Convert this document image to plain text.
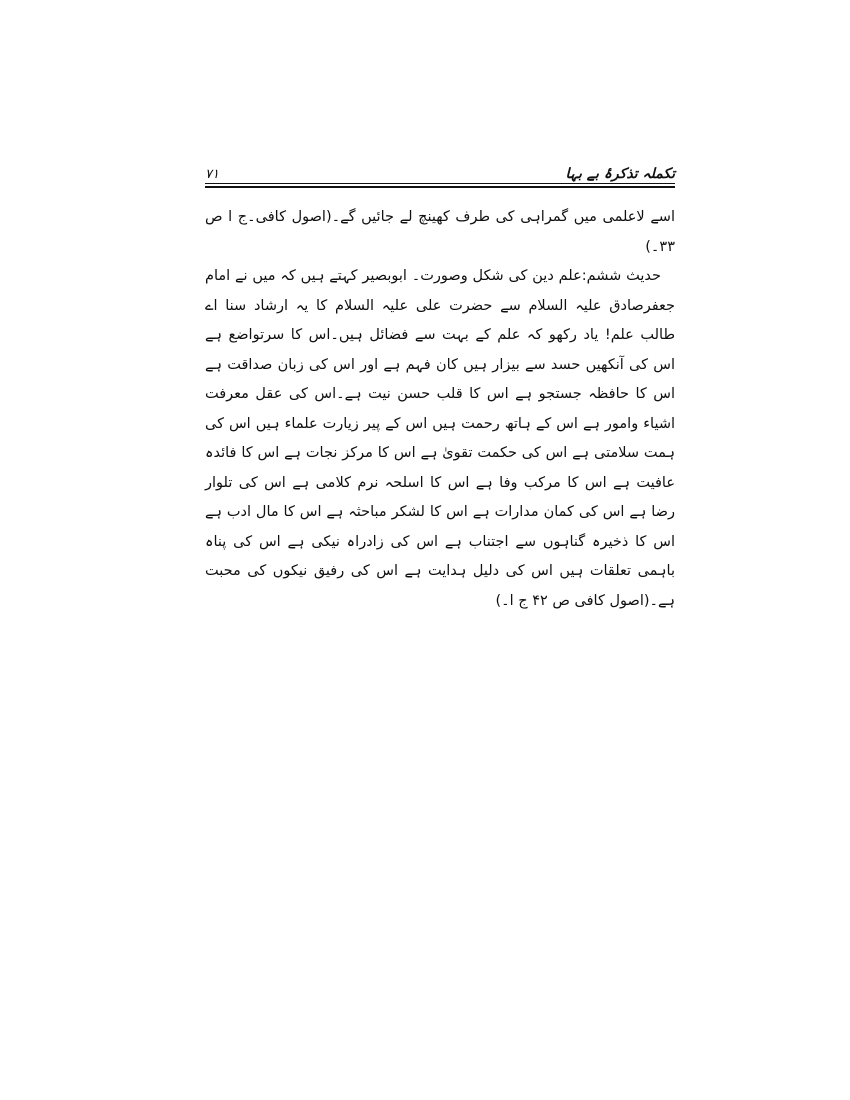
تکملہ تذکرۂ بے بہا
۷۱

اسے لاعلمی میں گمراہی کی طرف کھینچ لے جائیں گے۔(اصول کافی۔ج ا ص ۳۳۔)

حدیث ششم:علم دین کی شکل وصورت۔ ابوبصیر کہتے ہیں کہ میں نے امام جعفرصادق علیہ السلام سے حضرت علی علیہ السلام کا یہ ارشاد سنا اے طالب علم! یاد رکھو کہ علم کے بہت سے فضائل ہیں۔اس کا سرتواضع ہے اس کی آنکھیں حسد سے بیزار ہیں کان فہم ہے اور اس کی زبان صداقت ہے اس کا حافظہ جستجو ہے اس کا قلب حسن نیت ہے۔اس کی عقل معرفت اشیاء وامور ہے اس کے ہاتھ رحمت ہیں اس کے پیر زیارت علماء ہیں اس کی ہمت سلامتی ہے اس کی حکمت تقویٰ ہے اس کا مرکز نجات ہے اس کا فائدہ عافیت ہے اس کا مرکب وفا ہے اس کا اسلحہ نرم کلامی ہے اس کی تلوار رضا ہے اس کی کمان مدارات ہے اس کا لشکر مباحثہ ہے اس کا مال ادب ہے اس کا ذخیرہ گناہوں سے اجتناب ہے اس کی زادراہ نیکی ہے اس کی پناہ باہمی تعلقات ہیں اس کی دلیل ہدایت ہے اس کی رفیق نیکوں کی محبت ہے۔(اصول کافی ص ۴۲ ج ا۔)
